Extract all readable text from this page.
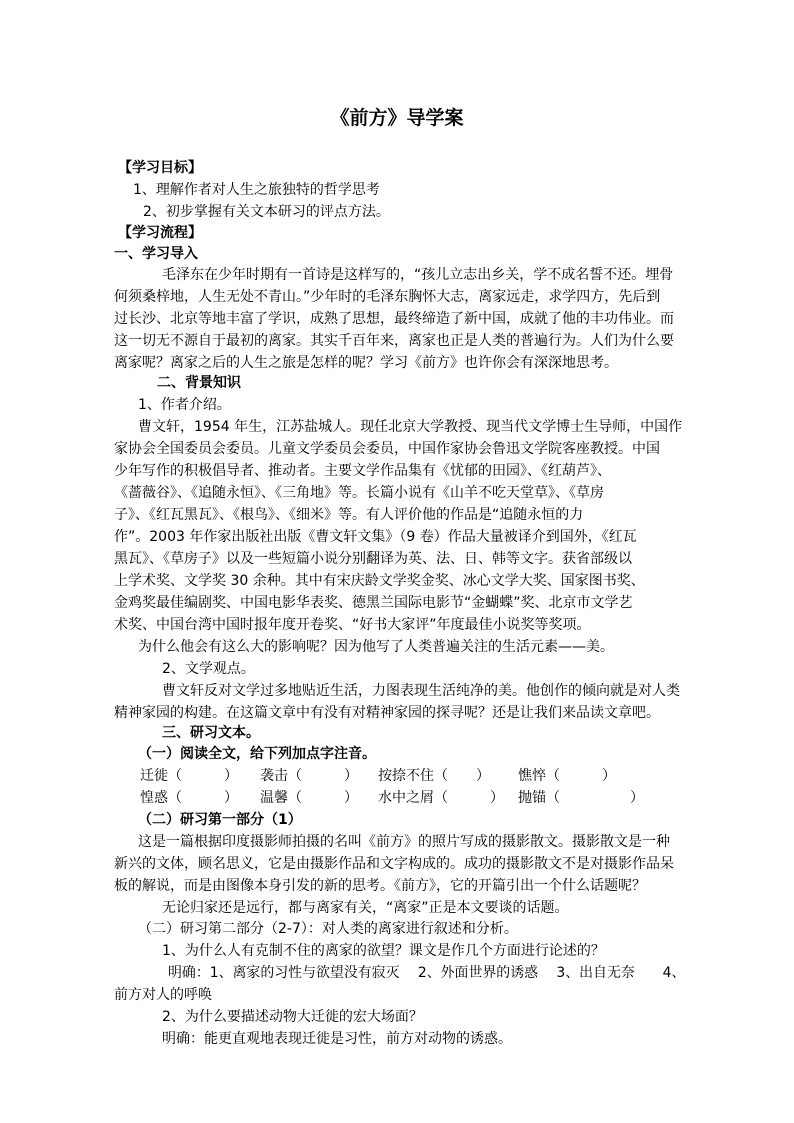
《前方》导学案
【学习目标】
1、理解作者对人生之旅独特的哲学思考
2、初步掌握有关文本研习的评点方法。
【学习流程】
一、学习导入
毛泽东在少年时期有一首诗是这样写的，“孩儿立志出乡关，学不成名誓不还。埋骨
何须桑梓地，人生无处不青山。”少年时的毛泽东胸怀大志，离家远走，求学四方，先后到
过长沙、北京等地丰富了学识，成熟了思想，最终缔造了新中国，成就了他的丰功伟业。而
这一切无不源自于最初的离家。其实千百年来，离家也正是人类的普遍行为。人们为什么要
离家呢？离家之后的人生之旅是怎样的呢？学习《前方》也许你会有深深地思考。
二、背景知识
1、作者介绍。
曹文轩，1954 年生，江苏盐城人。现任北京大学教授、现当代文学博士生导师，中国作
家协会全国委员会委员。儿童文学委员会委员，中国作家协会鲁迅文学院客座教授。中国
少年写作的积极倡导者、推动者。主要文学作品集有《忧郁的田园》、《红葫芦》、
《蔷薇谷》、《追随永恒》、《三角地》等。长篇小说有《山羊不吃天堂草》、《草房
子》、《红瓦黑瓦》、《根鸟》、《细米》等。有人评价他的作品是“追随永恒的力
作”。2003 年作家出版社出版《曹文轩文集》（9 卷）作品大量被译介到国外，《红瓦
黑瓦》、《草房子》以及一些短篇小说分别翻译为英、法、日、韩等文字。获省部级以
上学术奖、文学奖 30 余种。其中有宋庆龄文学奖金奖、冰心文学大奖、国家图书奖、
金鸡奖最佳编剧奖、中国电影华表奖、德黑兰国际电影节“金蝴蝶”奖、北京市文学艺
术奖、中国台湾中国时报年度开卷奖、“好书大家评”年度最佳小说奖等奖项。
为什么他会有这么大的影响呢？因为他写了人类普遍关注的生活元素——美。
2、文学观点。
曹文轩反对文学过多地贴近生活，力图表现生活纯净的美。他创作的倾向就是对人类
精神家园的构建。在这篇文章中有没有对精神家园的探寻呢？还是让我们来品读文章吧。
三、研习文本。
（一）阅读全文，给下列加点字注音。
迁徙（　　　） 袭击（　　　） 按捺不住（　　） 憔悴（　　　）
惶惑（　　　） 温馨（　　　） 水中之屑（　　　） 抛锚（　　　　　）
（二）研习第一部分（1）
这是一篇根据印度摄影师拍摄的名叫《前方》的照片写成的摄影散文。摄影散文是一种
新兴的文体，顾名思义，它是由摄影作品和文字构成的。成功的摄影散文不是对摄影作品呆
板的解说，而是由图像本身引发的新的思考。《前方》，它的开篇引出一个什么话题呢？
无论归家还是远行，都与离家有关，“离家”正是本文要谈的话题。
（二）研习第二部分（2-7）：对人类的离家进行叙述和分析。
1、为什么人有克制不住的离家的欲望？课文是作几个方面进行论述的？
明确：1、离家的习性与欲望没有寂灭　 2、外面世界的诱惑　 3、出自无奈　　4、
前方对人的呼唤
2、为什么要描述动物大迁徙的宏大场面？
明确：能更直观地表现迁徙是习性，前方对动物的诱惑。
